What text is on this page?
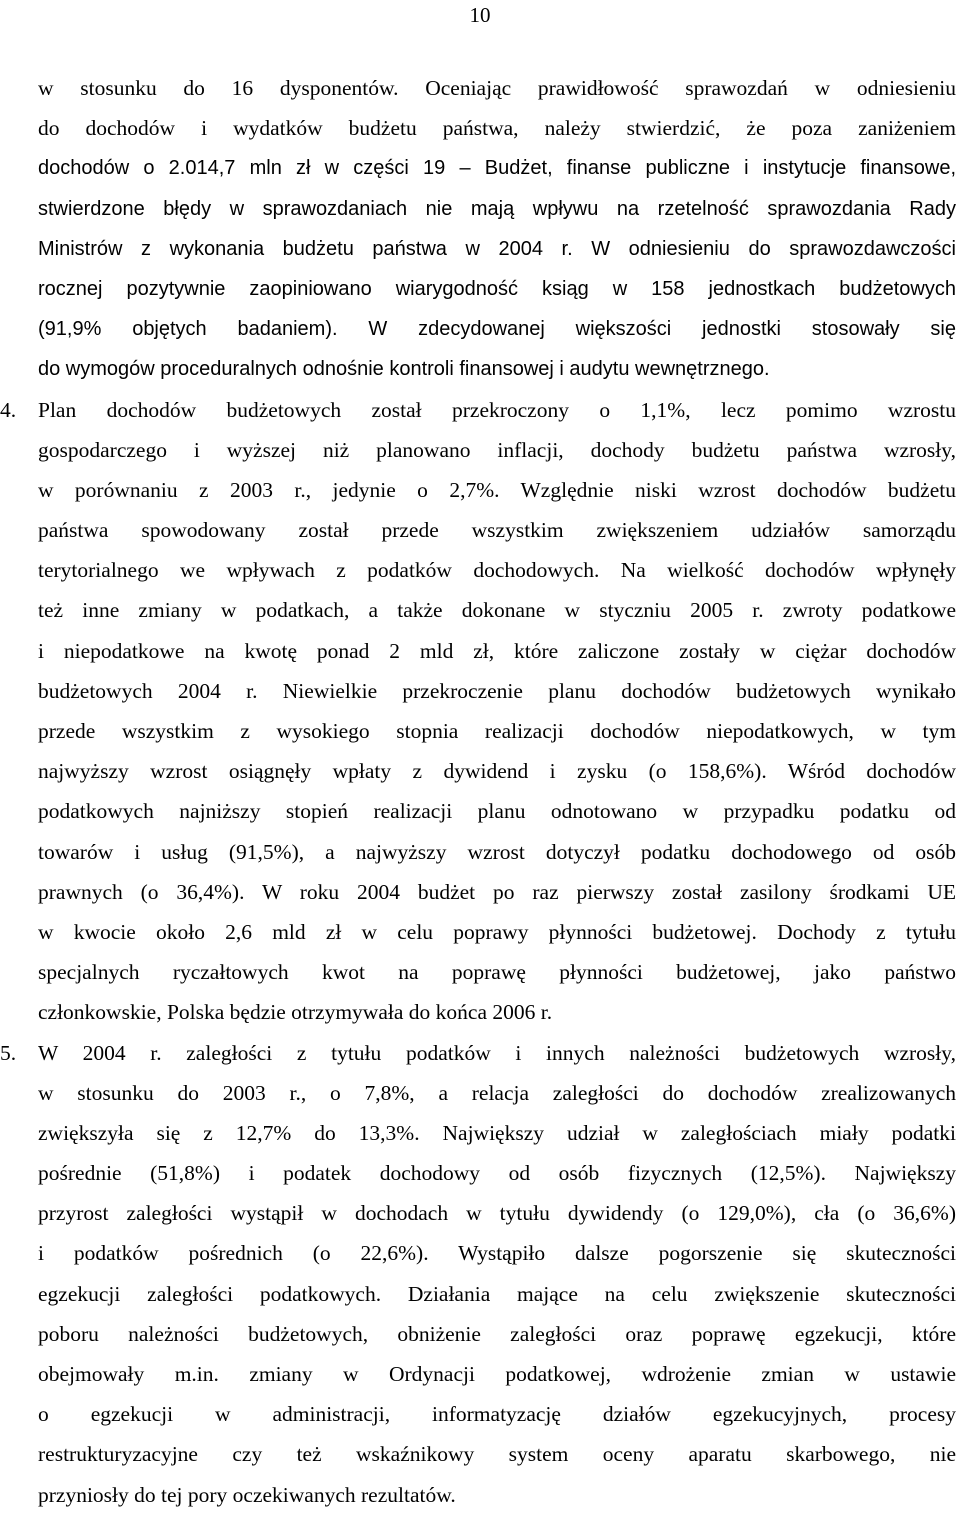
10
w stosunku do 16 dysponentów. Oceniając prawidłowość sprawozdań w odniesieniu
do dochodów i wydatków budżetu państwa, należy stwierdzić, że poza zaniżeniem
dochodów o 2.014,7 mln zł w części 19 – Budżet, finanse publiczne i instytucje finansowe,
stwierdzone błędy w sprawozdaniach nie mają wpływu na rzetelność sprawozdania Rady
Ministrów z wykonania budżetu państwa w 2004 r. W odniesieniu do sprawozdawczości
rocznej pozytywnie zaopiniowano wiarygodność ksiąg w 158 jednostkach budżetowych
(91,9% objętych badaniem). W zdecydowanej większości jednostki stosowały się
do wymogów proceduralnych odnośnie kontroli finansowej i audytu wewnętrznego.
4. Plan dochodów budżetowych został przekroczony o 1,1%, lecz pomimo wzrostu
gospodarczego i wyższej niż planowano inflacji, dochody budżetu państwa wzrosły,
w porównaniu z 2003 r., jedynie o 2,7%. Względnie niski wzrost dochodów budżetu
państwa spowodowany został przede wszystkim zwiększeniem udziałów samorządu
terytorialnego we wpływach z podatków dochodowych. Na wielkość dochodów wpłynęły
też inne zmiany w podatkach, a także dokonane w styczniu 2005 r. zwroty podatkowe
i niepodatkowe na kwotę ponad 2 mld zł, które zaliczone zostały w ciężar dochodów
budżetowych 2004 r. Niewielkie przekroczenie planu dochodów budżetowych wynikało
przede wszystkim z wysokiego stopnia realizacji dochodów niepodatkowych, w tym
najwyższy wzrost osiągnęły wpłaty z dywidend i zysku (o 158,6%). Wśród dochodów
podatkowych najniższy stopień realizacji planu odnotowano w przypadku podatku od
towarów i usług (91,5%), a najwyższy wzrost dotyczył podatku dochodowego od osób
prawnych (o 36,4%). W roku 2004 budżet po raz pierwszy został zasilony środkami UE
w kwocie około 2,6 mld zł w celu poprawy płynności budżetowej. Dochody z tytułu
specjalnych ryczałtowych kwot na poprawę płynności budżetowej, jako państwo
członkowskie, Polska będzie otrzymywała do końca 2006 r.
5. W 2004 r. zaległości z tytułu podatków i innych należności budżetowych wzrosły,
w stosunku do 2003 r., o 7,8%, a relacja zaległości do dochodów zrealizowanych
zwiększyła się z 12,7% do 13,3%. Największy udział w zaległościach miały podatki
pośrednie (51,8%) i podatek dochodowy od osób fizycznych (12,5%). Największy
przyrost zaległości wystąpił w dochodach w tytułu dywidendy (o 129,0%), cła (o 36,6%)
i podatków pośrednich (o 22,6%). Wystąpiło dalsze pogorszenie się skuteczności
egzekucji zaległości podatkowych. Działania mające na celu zwiększenie skuteczności
poboru należności budżetowych, obniżenie zaległości oraz poprawę egzekucji, które
obejmowały m.in. zmiany w Ordynacji podatkowej, wdrożenie zmian w ustawie
o egzekucji w administracji, informatyzację działów egzekucyjnych, procesy
restrukturyzacyjne czy też wskaźnikowy system oceny aparatu skarbowego, nie
przyniosły do tej pory oczekiwanych rezultatów.
